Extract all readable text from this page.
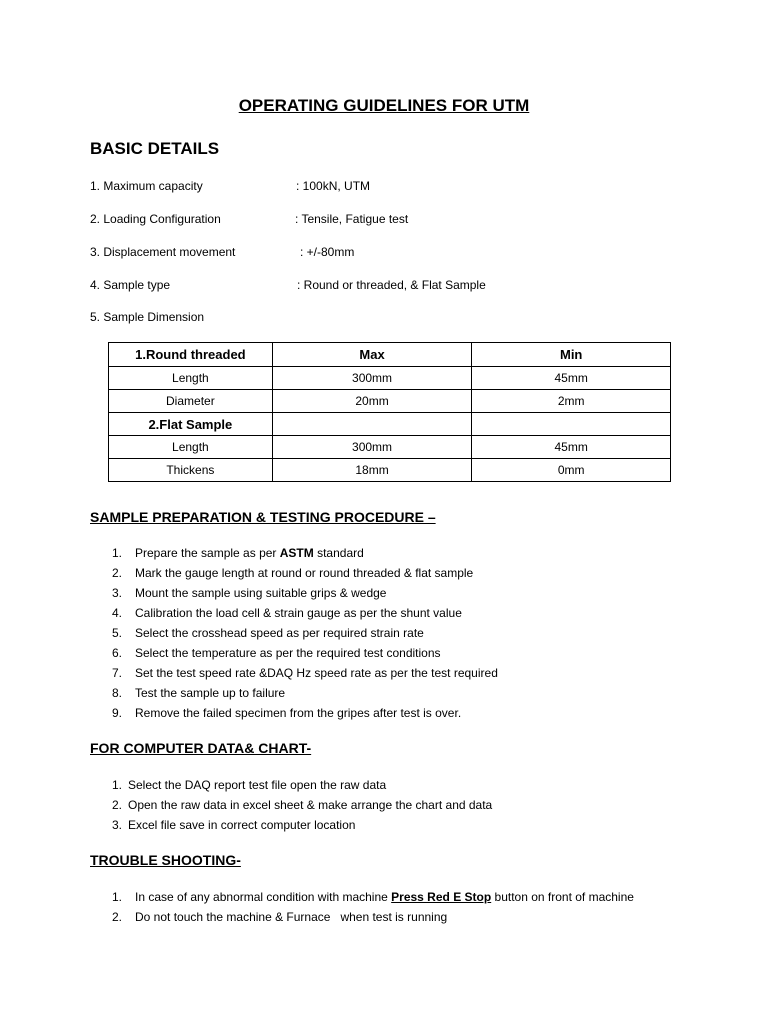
OPERATING GUIDELINES FOR UTM
BASIC DETAILS
1. Maximum capacity	: 100kN, UTM
2. Loading Configuration	: Tensile, Fatigue test
3. Displacement movement	: +/-80mm
4. Sample type	: Round or threaded, & Flat Sample
5. Sample Dimension
1.Round threaded	Max	Min
Length	300mm	45mm
Diameter	20mm	2mm
2.Flat Sample		
Length	300mm	45mm
Thickens	18mm	0mm
SAMPLE PREPARATION & TESTING PROCEDURE –
1. Prepare the sample as per ASTM standard
2. Mark the gauge length at round or round threaded & flat sample
3. Mount the sample using suitable grips & wedge
4. Calibration the load cell & strain gauge as per the shunt value
5. Select the crosshead speed as per required strain rate
6. Select the temperature as per the required test conditions
7. Set the test speed rate &DAQ Hz speed rate as per the test required
8. Test the sample up to failure
9. Remove the failed specimen from the gripes after test is over.
FOR COMPUTER DATA& CHART-
1. Select the DAQ report test file open the raw data
2. Open the raw data in excel sheet & make arrange the chart and data
3. Excel file save in correct computer location
TROUBLE SHOOTING-
1. In case of any abnormal condition with machine Press Red E Stop button on front of machine
2. Do not touch the machine & Furnace   when test is running
